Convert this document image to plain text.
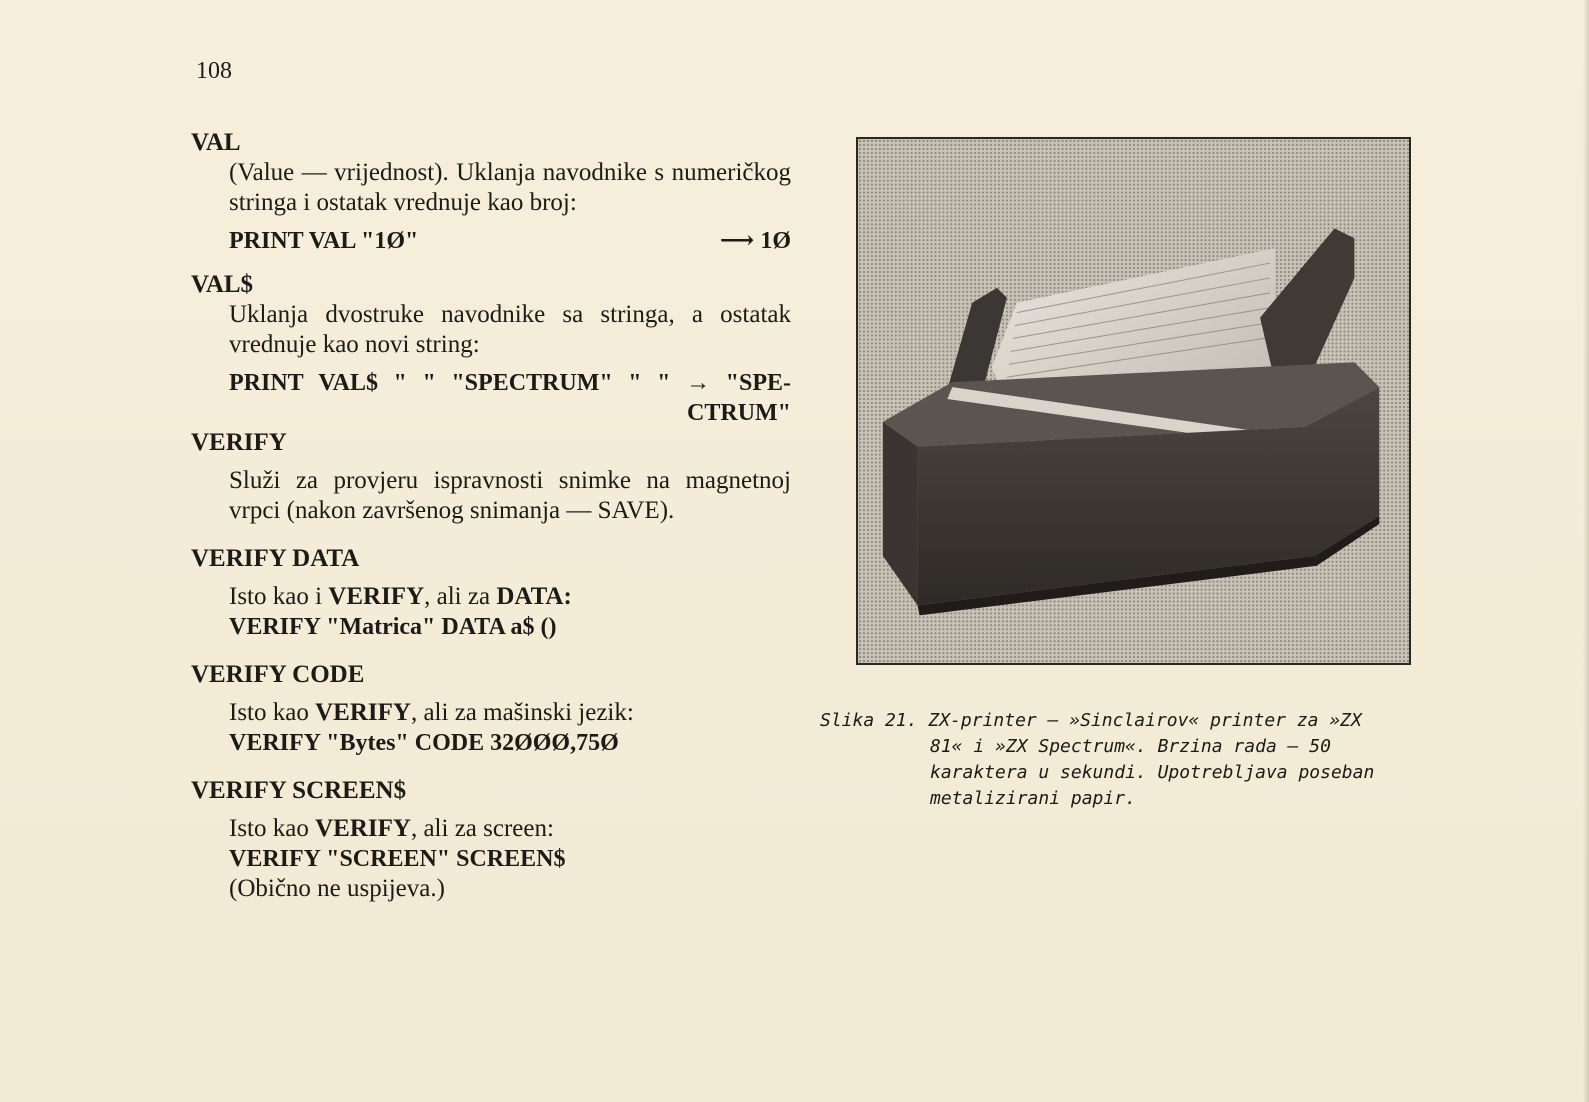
108
VAL
(Value — vrijednost). Uklanja navodnike s numeričkog stringa i ostatak vrednuje kao broj:
PRINT VAL "1Ø"	⟶ 1Ø
VAL$
Uklanja dvostruke navodnike sa stringa, a ostatak vrednuje kao novi string:
PRINT VAL$ " " "SPECTRUM" " " → "SPE-
CTRUM"
VERIFY
Služi za provjeru ispravnosti snimke na magnetnoj vrpci (nakon završenog snimanja — SAVE).
VERIFY DATA
Isto kao i VERIFY, ali za DATA:
VERIFY "Matrica" DATA a$ ()
VERIFY CODE
Isto kao VERIFY, ali za mašinski jezik:
VERIFY "Bytes" CODE 32ØØØ,75Ø
VERIFY SCREEN$
Isto kao VERIFY, ali za screen:
VERIFY "SCREEN" SCREEN$
(Obično ne uspijeva.)
Slika 21. ZX-printer — »Sinclairov« printer za »ZX
81« i »ZX Spectrum«. Brzina rada — 50 karaktera u sekundi. Upotrebljava poseban metalizirani papir.
